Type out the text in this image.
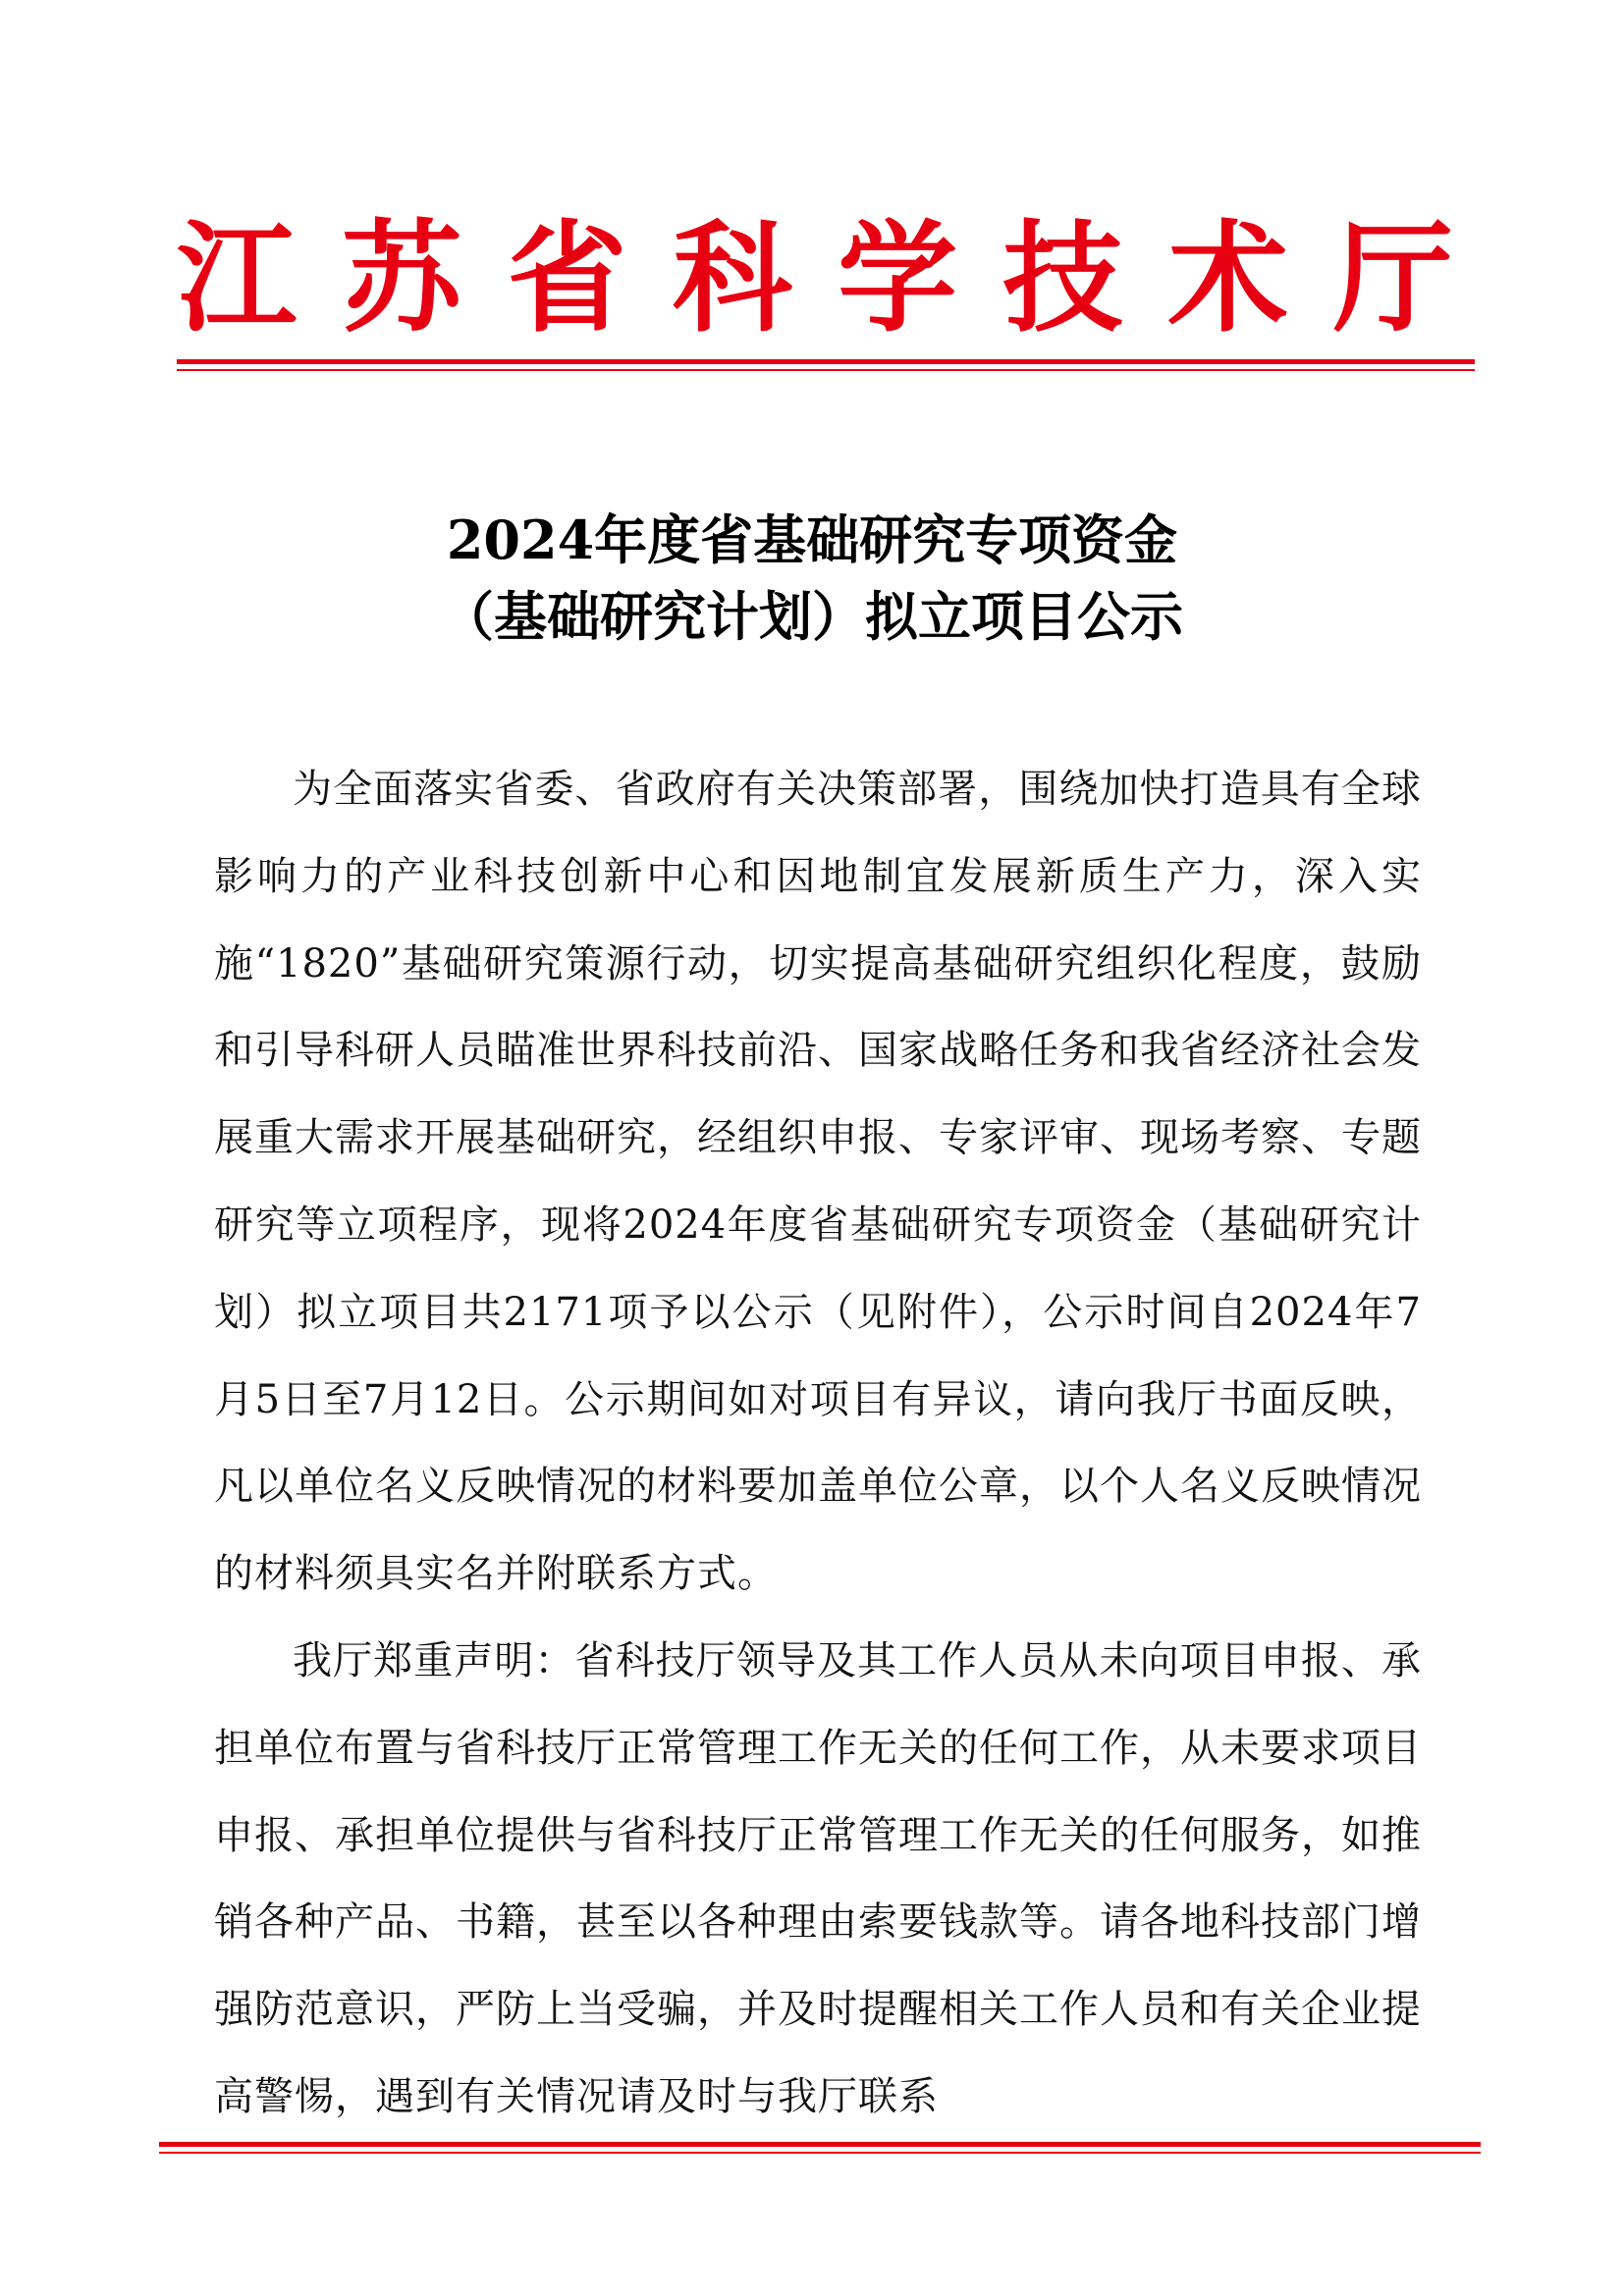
江 苏 省 科 学 技 术 厅
2024年度省基础研究专项资金
（基础研究计划）拟立项目公示

为全面落实省委、省政府有关决策部署，围绕加快打造具有全球影响力的产业科技创新中心和因地制宜发展新质生产力，深入实施“1820”基础研究策源行动，切实提高基础研究组织化程度，鼓励和引导科研人员瞄准世界科技前沿、国家战略任务和我省经济社会发展重大需求开展基础研究，经组织申报、专家评审、现场考察、专题研究等立项程序，现将2024年度省基础研究专项资金（基础研究计划）拟立项目共2171项予以公示（见附件），公示时间自2024年7月5日至7月12日。公示期间如对项目有异议，请向我厅书面反映，凡以单位名义反映情况的材料要加盖单位公章，以个人名义反映情况的材料须具实名并附联系方式。

我厅郑重声明：省科技厅领导及其工作人员从未向项目申报、承担单位布置与省科技厅正常管理工作无关的任何工作，从未要求项目申报、承担单位提供与省科技厅正常管理工作无关的任何服务，如推销各种产品、书籍，甚至以各种理由索要钱款等。请各地科技部门增强防范意识，严防上当受骗，并及时提醒相关工作人员和有关企业提高警惕，遇到有关情况请及时与我厅联系
